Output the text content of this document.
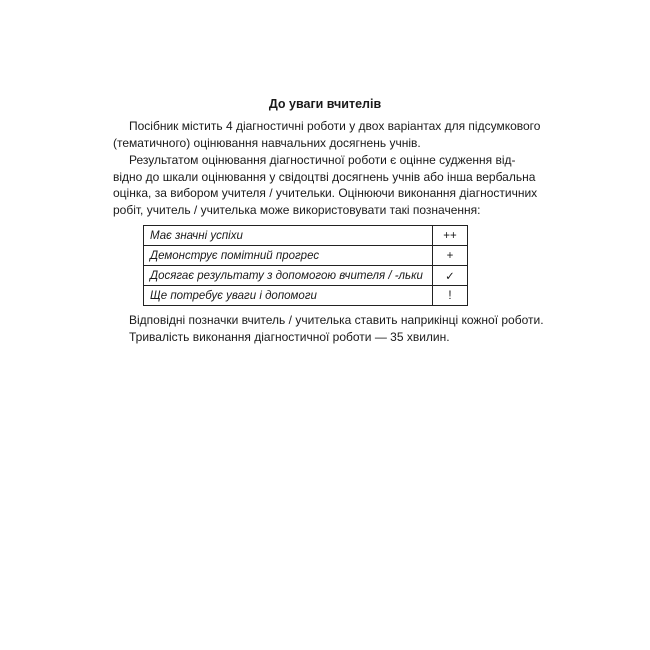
До уваги вчителів
Посібник містить 4 діагностичні роботи у двох варіантах для підсумкового
(тематичного) оцінювання навчальних досягнень учнів.
Результатом оцінювання діагностичної роботи є оцінне судження від-
відно до шкали оцінювання у свідоцтві досягнень учнів або інша вербальна
оцінка, за вибором учителя / учительки. Оцінюючи виконання діагностичних
робіт, учитель / учителька може використовувати такі позначення:
Має значні успіхи	++
Демонструє помітний прогрес	+
Досягає результату з допомогою вчителя / -льки	✓
Ще потребує уваги і допомоги	!
Відповідні позначки вчитель / учителька ставить наприкінці кожної роботи.
Тривалість виконання діагностичної роботи — 35 хвилин.
